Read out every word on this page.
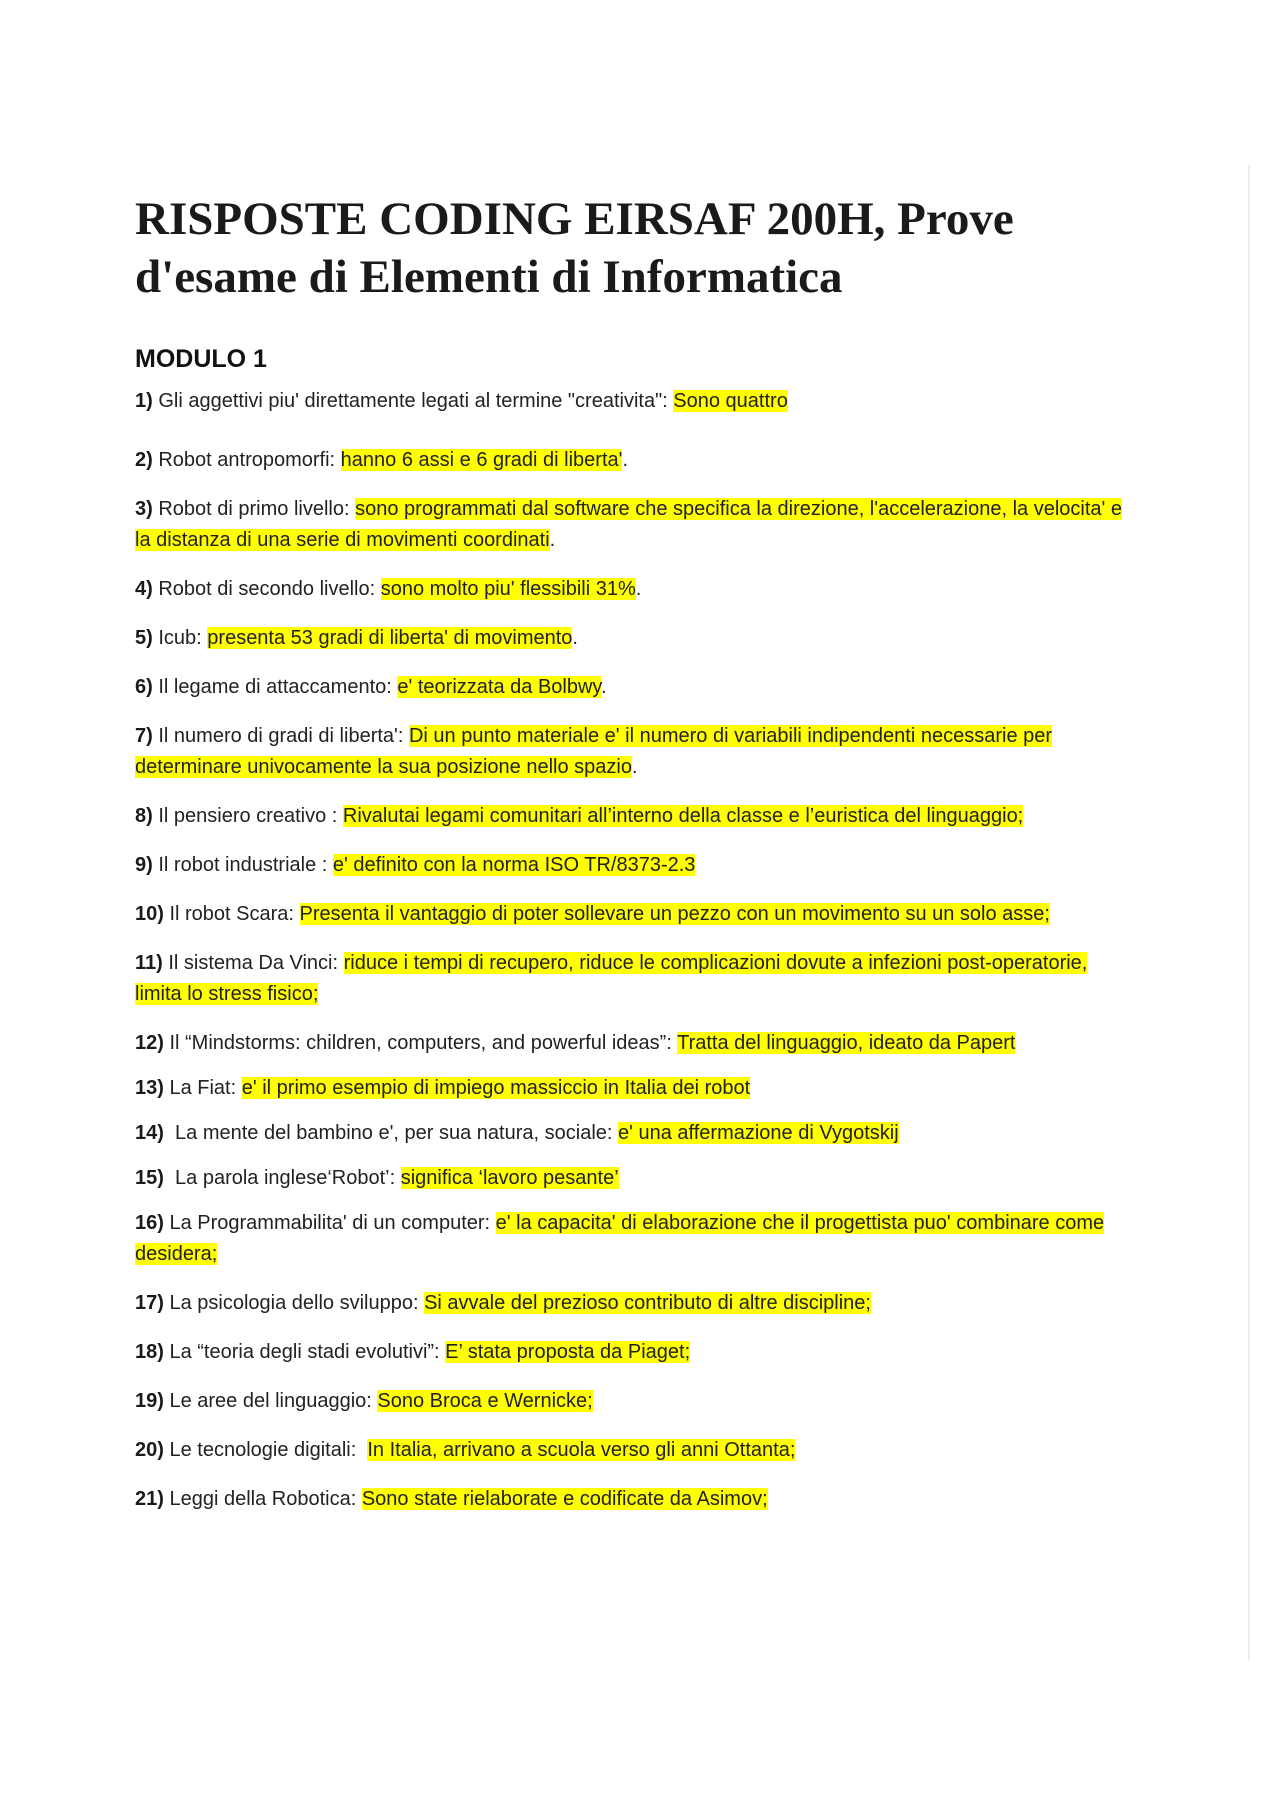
RISPOSTE CODING EIRSAF 200H, Prove d'esame di Elementi di Informatica
MODULO 1
1) Gli aggettivi piu' direttamente legati al termine "creativita": Sono quattro
2) Robot antropomorfi: hanno 6 assi e 6 gradi di liberta'.
3) Robot di primo livello: sono programmati dal software che specifica la direzione, l'accelerazione, la velocita' e la distanza di una serie di movimenti coordinati.
4) Robot di secondo livello: sono molto piu' flessibili 31%.
5) Icub: presenta 53 gradi di liberta' di movimento.
6) Il legame di attaccamento: e' teorizzata da Bolbwy.
7) Il numero di gradi di liberta': Di un punto materiale e' il numero di variabili indipendenti necessarie per determinare univocamente la sua posizione nello spazio.
8) Il pensiero creativo : Rivalutai legami comunitari all’interno della classe e l’euristica del linguaggio;
9) Il robot industriale : e' definito con la norma ISO TR/8373-2.3
10) Il robot Scara: Presenta il vantaggio di poter sollevare un pezzo con un movimento su un solo asse;
11) Il sistema Da Vinci: riduce i tempi di recupero, riduce le complicazioni dovute a infezioni post-operatorie, limita lo stress fisico;
12) Il “Mindstorms: children, computers, and powerful ideas”: Tratta del linguaggio, ideato da Papert
13) La Fiat: e' il primo esempio di impiego massiccio in Italia dei robot
14)  La mente del bambino e', per sua natura, sociale: e' una affermazione di Vygotskij
15)  La parola inglese‘Robot’: significa ‘lavoro pesante’
16) La Programmabilita' di un computer: e' la capacita' di elaborazione che il progettista puo' combinare come desidera;
17) La psicologia dello sviluppo: Si avvale del prezioso contributo di altre discipline;
18) La “teoria degli stadi evolutivi”: E’ stata proposta da Piaget;
19) Le aree del linguaggio: Sono Broca e Wernicke;
20) Le tecnologie digitali:  In Italia, arrivano a scuola verso gli anni Ottanta;
21) Leggi della Robotica: Sono state rielaborate e codificate da Asimov;
